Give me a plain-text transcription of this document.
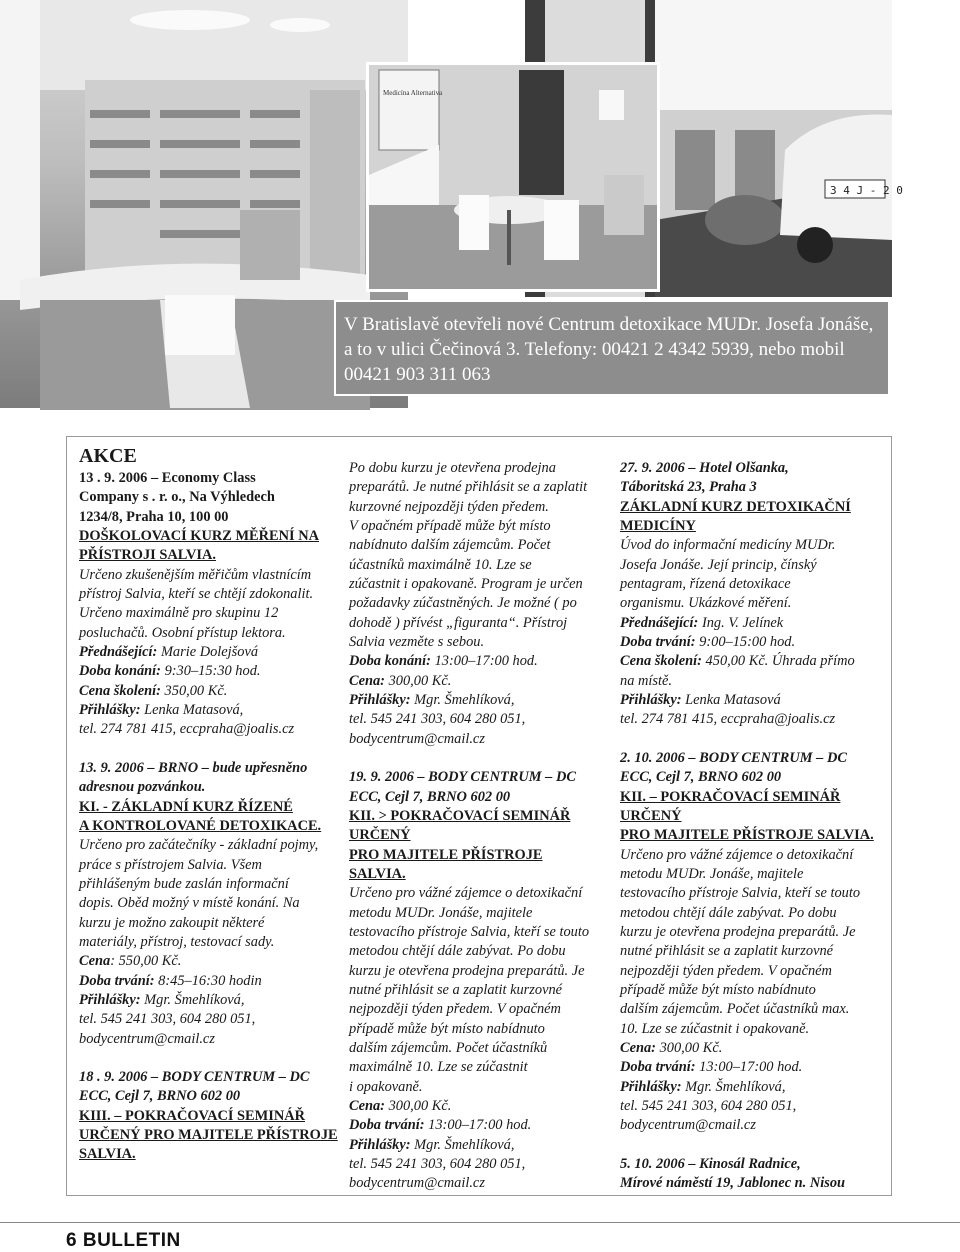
3 4 J - 2 0
Medicína Alternativa
V Bratislavě otevřeli nové Centrum detoxikace MUDr. Josefa Jonáše, a to v ulici Čečinová 3. Telefony: 00421 2 4342 5939, nebo mobil 00421 903 311 063

AKCE

13 . 9. 2006 – Economy Class

Company s . r. o., Na Výhledech

1234/8, Praha 10, 100 00

DOŠKOLOVACÍ KURZ MĚŘENÍ NA

PŘÍSTROJI SALVIA.

Určeno zkušenějším měřičům vlastnícím

přístroj Salvia, kteří se chtějí zdokonalit.

Určeno maximálně pro skupinu 12

posluchačů. Osobní přístup lektora.

Přednášející: Marie Dolejšová

Doba konání: 9:30–15:30 hod.

Cena školení: 350,00 Kč.

Přihlášky: Lenka Matasová,

tel. 274 781 415, eccpraha@joalis.cz

13. 9. 2006 – BRNO – bude upřesněno

adresnou pozvánkou.

KI. - ZÁKLADNÍ KURZ ŘÍZENÉ

A KONTROLOVANÉ DETOXIKACE.

Určeno pro začátečníky - základní pojmy,

práce s přístrojem Salvia. Všem

přihlášeným bude zaslán informační

dopis. Oběd možný v místě konání. Na

kurzu je možno zakoupit některé

materiály, přístroj, testovací sady.

Cena: 550,00 Kč.

Doba trvání: 8:45–16:30 hodin

Přihlášky: Mgr. Šmehlíková,

tel. 545 241 303, 604 280 051,

bodycentrum@cmail.cz

18 . 9. 2006 – BODY CENTRUM – DC

ECC, Cejl 7, BRNO 602 00

KIII. – POKRAČOVACÍ SEMINÁŘ

URČENÝ PRO MAJITELE PŘÍSTROJE

SALVIA.

Po dobu kurzu je otevřena prodejna

preparátů. Je nutné přihlásit se a zaplatit

kurzovné nejpozději týden předem.

V opačném případě může být místo

nabídnuto dalším zájemcům. Počet

účastníků maximálně 10. Lze se

zúčastnit i opakovaně. Program je určen

požadavky zúčastněných. Je možné ( po

dohodě ) přívést „figuranta“. Přístroj

Salvia vezměte s sebou.

Doba konání: 13:00–17:00 hod.

Cena: 300,00 Kč.

Přihlášky: Mgr. Šmehlíková,

tel. 545 241 303, 604 280 051,

bodycentrum@cmail.cz

19. 9. 2006 – BODY CENTRUM – DC

ECC, Cejl 7, BRNO 602 00

KII. > POKRAČOVACÍ SEMINÁŘ URČENÝ

PRO MAJITELE PŘÍSTROJE

SALVIA.

Určeno pro vážné zájemce o detoxikační

metodu MUDr. Jonáše, majitele

testovacího přístroje Salvia, kteří se touto

metodou chtějí dále zabývat. Po dobu

kurzu je otevřena prodejna preparátů. Je

nutné přihlásit se a zaplatit kurzovné

nejpozději týden předem. V opačném

případě může být místo nabídnuto

dalším zájemcům. Počet účastníků

maximálně 10. Lze se zúčastnit

i opakovaně.

Cena: 300,00 Kč.

Doba trvání: 13:00–17:00 hod.

Přihlášky: Mgr. Šmehlíková,

tel. 545 241 303, 604 280 051,

bodycentrum@cmail.cz

27. 9. 2006 – Hotel Olšanka,

Táboritská 23, Praha 3

ZÁKLADNÍ KURZ DETOXIKAČNÍ

MEDICÍNY

Úvod do informační medicíny MUDr.

Josefa Jonáše. Její princip, čínský

pentagram, řízená detoxikace

organismu. Ukázkové měření.

Přednášející: Ing. V. Jelínek

Doba trvání: 9:00–15:00 hod.

Cena školení: 450,00 Kč. Úhrada přímo

na místě.

Přihlášky: Lenka Matasová

tel. 274 781 415, eccpraha@joalis.cz

2. 10. 2006 – BODY CENTRUM – DC

ECC, Cejl 7, BRNO 602 00

KII. – POKRAČOVACÍ SEMINÁŘ URČENÝ

PRO MAJITELE PŘÍSTROJE SALVIA.

Určeno pro vážné zájemce o detoxikační

metodu MUDr. Jonáše, majitele

testovacího přístroje Salvia, kteří se touto

metodou chtějí dále zabývat. Po dobu

kurzu je otevřena prodejna preparátů. Je

nutné přihlásit se a zaplatit kurzovné

nejpozději týden předem. V opačném

případě může být místo nabídnuto

dalším zájemcům. Počet účastníků max.

10. Lze se zúčastnit i opakovaně.

Cena: 300,00 Kč.

Doba trvání: 13:00–17:00 hod.

Přihlášky: Mgr. Šmehlíková,

tel. 545 241 303, 604 280 051,

bodycentrum@cmail.cz

5. 10. 2006 – Kinosál Radnice,

Mírové náměstí 19, Jablonec n. Nisou

6 BULLETIN
